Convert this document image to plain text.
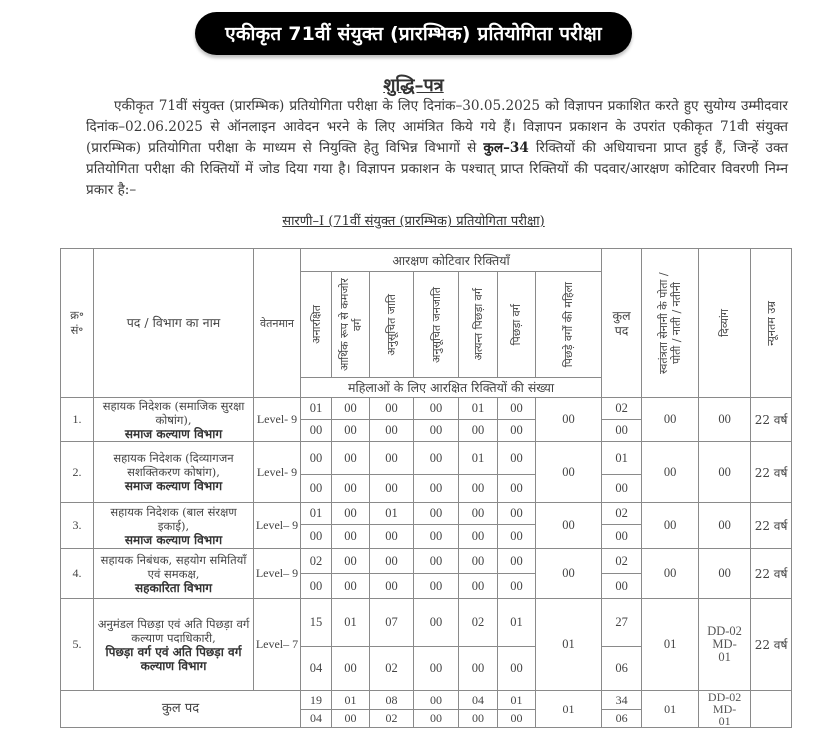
एकीकृत 71वीं संयुक्त (प्रारम्भिक) प्रतियोगिता परीक्षा
शुद्धि–पत्र
एकीकृत 71वीं संयुक्त (प्रारम्भिक) प्रतियोगिता परीक्षा के लिए दिनांक–30.05.2025 को विज्ञापन प्रकाशित करते हुए सुयोग्य उम्मीदवार दिनांक–02.06.2025 से ऑनलाइन आवेदन भरने के लिए आमंत्रित किये गये हैं। विज्ञापन प्रकाशन के उपरांत एकीकृत 71वी संयुक्त (प्रारम्भिक) प्रतियोगिता परीक्षा के माध्यम से नियुक्ति हेतु विभिन्न विभागों से कुल–34 रिक्तियों की अधियाचना प्राप्त हुई हैं, जिन्हें उक्त प्रतियोगिता परीक्षा की रिक्तियों में जोड दिया गया है। विज्ञापन प्रकाशन के पश्चात् प्राप्त रिक्तियों की पदवार/आरक्षण कोटिवार विवरणी निम्न प्रकार है:–
सारणी–I (71वीं संयुक्त (प्रारम्भिक) प्रतियोगिता परीक्षा)
क्र॰ सं॰	पद / विभाग का नाम	वेतनमान	आरक्षण कोटिवार रिक्तियाँ							कुल पद	स्वतंत्रता सेनानी के पोता / पोती / नाती / नतीनी	दिव्यांग	न्यूनतम उम्र

			अनारक्षित	आर्थिक रूप से कमजोर वर्ग	अनुसूचित जाति	अनुसूचित जनजाति	अत्यन्त पिछड़ा वर्ग	पिछड़ा वर्ग	पिछड़े वर्गों की महिला				

			महिलाओं के लिए आरक्षित रिक्तियों की संख्या										
1.	सहायक निदेशक (समाजिक सुरक्षा कोषांग),
समाज कल्याण विभाग	Level- 9	01	00	00	00	01	00	00	02	00	00	22 वर्ष
			00	00	00	00	00	00		00			
2.	सहायक निदेशक (दिव्यागजन सशक्तिकरण कोषांग),
समाज कल्याण विभाग	Level- 9	00	00	00	00	01	00	00	01	00	00	22 वर्ष
			00	00	00	00	00	00		00			
3.	सहायक निदेशक (बाल संरक्षण इकाई),
समाज कल्याण विभाग	Level– 9	01	00	01	00	00	00	00	02	00	00	22 वर्ष
			00	00	00	00	00	00		00			
4.	सहायक निबंधक, सहयोग समितियाँ एवं समकक्ष,
सहकारिता विभाग	Level– 9	02	00	00	00	00	00	00	02	00	00	22 वर्ष
			00	00	00	00	00	00		00			
5.	अनुमंडल पिछड़ा एवं अति पिछड़ा वर्ग कल्याण पदाधिकारी,
पिछड़ा वर्ग एवं अति पिछड़ा वर्ग कल्याण विभाग	Level– 7	15	01	07	00	02	01	01	27	01	DD-02 MD-01	22 वर्ष
			04	00	02	00	00	00		06			
कुल पद			19	01	08	00	04	01	01	34	01	DD-02 MD-01	
			04	00	02	00	00	00		06			
